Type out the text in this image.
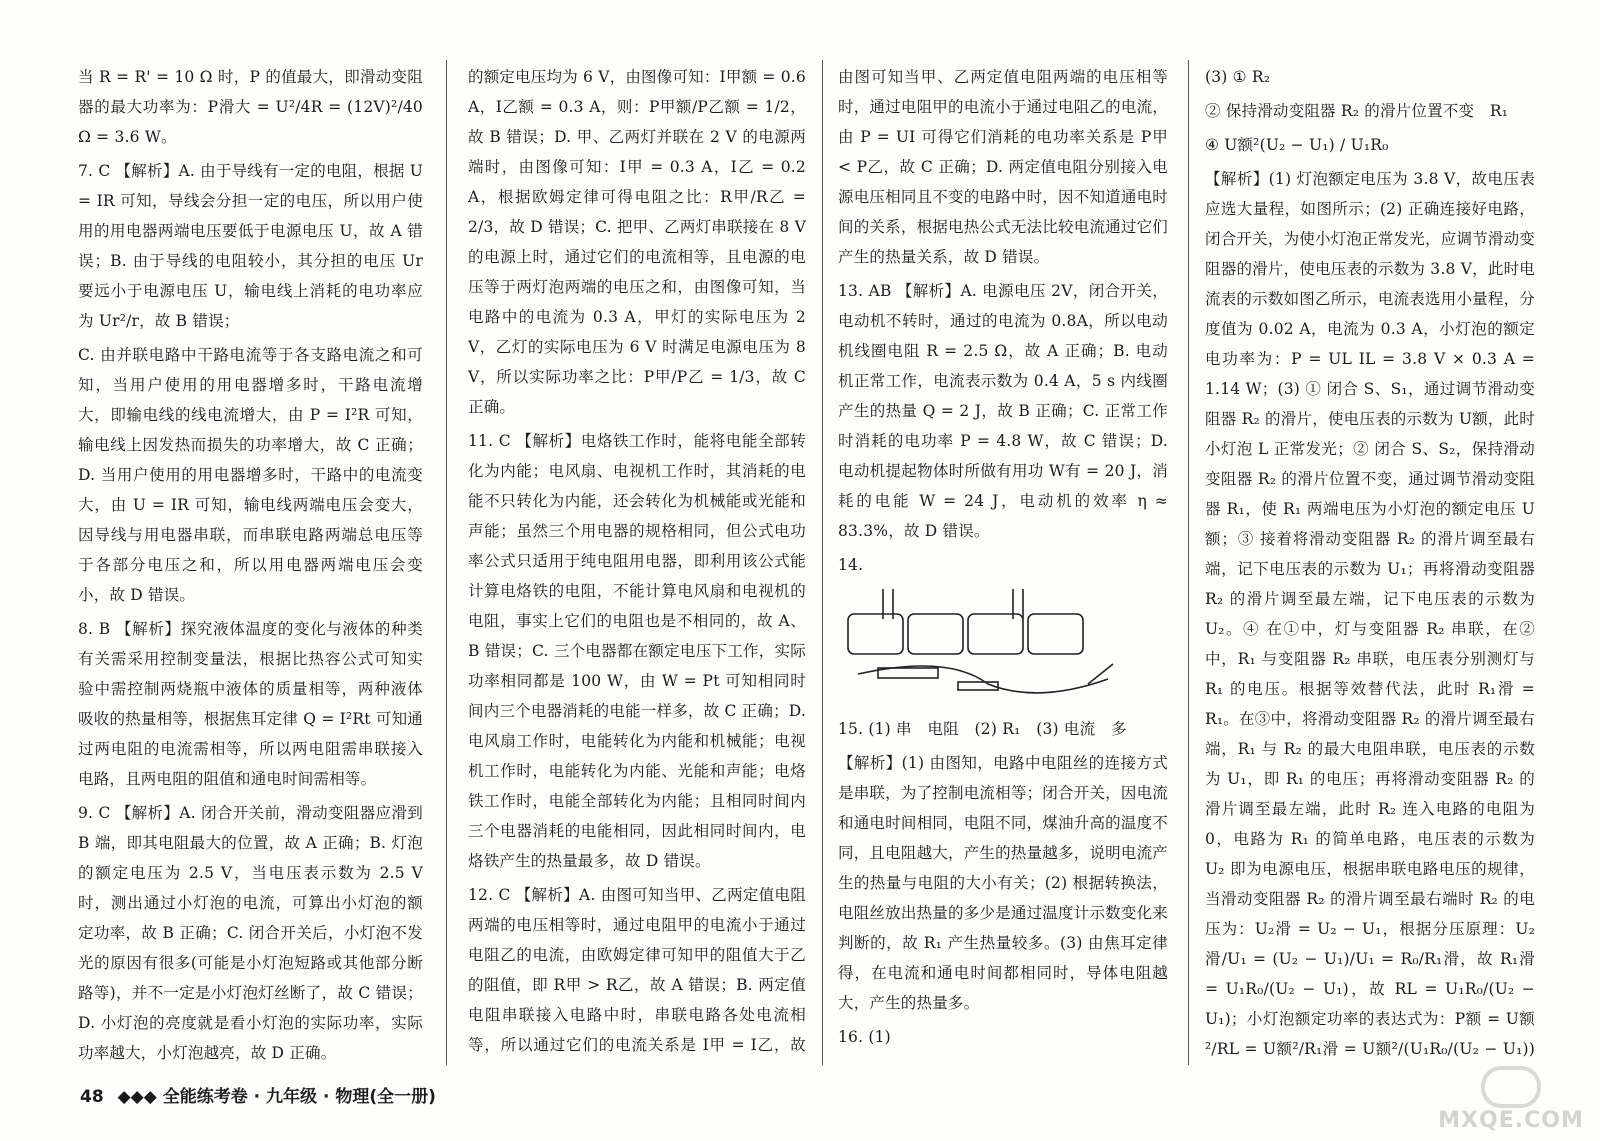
当 R = R' = 10 Ω 时，P 的值最大，即滑动变阻器的最大功率为：P滑大 = U²/4R = (12V)²/40 Ω = 3.6 W。

7. C 【解析】A. 由于导线有一定的电阻，根据 U = IR 可知，导线会分担一定的电压，所以用户使用的用电器两端电压要低于电源电压 U，故 A 错误；B. 由于导线的电阻较小，其分担的电压 Ur 要远小于电源电压 U，输电线上消耗的电功率应为 Ur²/r，故 B 错误；

C. 由并联电路中干路电流等于各支路电流之和可知，当用户使用的用电器增多时，干路电流增大，即输电线的线电流增大，由 P = I²R 可知，输电线上因发热而损失的功率增大，故 C 正确；D. 当用户使用的用电器增多时，干路中的电流变大，由 U = IR 可知，输电线两端电压会变大，因导线与用电器串联，而串联电路两端总电压等于各部分电压之和，所以用电器两端电压会变小，故 D 错误。

8. B 【解析】探究液体温度的变化与液体的种类有关需采用控制变量法，根据比热容公式可知实验中需控制两烧瓶中液体的质量相等，两种液体吸收的热量相等，根据焦耳定律 Q = I²Rt 可知通过两电阻的电流需相等，所以两电阻需串联接入电路，且两电阻的阻值和通电时间需相等。

9. C 【解析】A. 闭合开关前，滑动变阻器应滑到 B 端，即其电阻最大的位置，故 A 正确；B. 灯泡的额定电压为 2.5 V，当电压表示数为 2.5 V 时，测出通过小灯泡的电流，可算出小灯泡的额定功率，故 B 正确；C. 闭合开关后，小灯泡不发光的原因有很多(可能是小灯泡短路或其他部分断路等)，并不一定是小灯泡灯丝断了，故 C 错误；D. 小灯泡的亮度就是看小灯泡的实际功率，实际功率越大，小灯泡越亮，故 D 正确。

的额定电压均为 6 V，由图像可知：I甲额 = 0.6 A，I乙额 = 0.3 A，则：P甲额/P乙额 = 1/2，故 B 错误；D. 甲、乙两灯并联在 2 V 的电源两端时，由图像可知：I甲 = 0.3 A，I乙 = 0.2 A，根据欧姆定律可得电阻之比：R甲/R乙 = 2/3，故 D 错误；C. 把甲、乙两灯串联接在 8 V 的电源上时，通过它们的电流相等，且电源的电压等于两灯泡两端的电压之和，由图像可知，当电路中的电流为 0.3 A，甲灯的实际电压为 2 V，乙灯的实际电压为 6 V 时满足电源电压为 8 V，所以实际功率之比：P甲/P乙 = 1/3，故 C 正确。

11. C 【解析】电烙铁工作时，能将电能全部转化为内能；电风扇、电视机工作时，其消耗的电能不只转化为内能，还会转化为机械能或光能和声能；虽然三个用电器的规格相同，但公式电功率公式只适用于纯电阻用电器，即利用该公式能计算电烙铁的电阻，不能计算电风扇和电视机的电阻，事实上它们的电阻也是不相同的，故 A、B 错误；C. 三个电器都在额定电压下工作，实际功率相同都是 100 W，由 W = Pt 可知相同时间内三个电器消耗的电能一样多，故 C 正确；D. 电风扇工作时，电能转化为内能和机械能；电视机工作时，电能转化为内能、光能和声能；电烙铁工作时，电能全部转化为内能；且相同时间内三个电器消耗的电能相同，因此相同时间内，电烙铁产生的热量最多，故 D 错误。

12. C 【解析】A. 由图可知当甲、乙两定值电阻两端的电压相等时，通过电阻甲的电流小于通过电阻乙的电流，由欧姆定律可知甲的阻值大于乙的阻值，即 R甲 > R乙，故 A 错误；B. 两定值电阻串联接入电路中时，串联电路各处电流相等，所以通过它们的电流关系是 I甲 = I乙，故

由图可知当甲、乙两定值电阻两端的电压相等时，通过电阻甲的电流小于通过电阻乙的电流，由 P = UI 可得它们消耗的电功率关系是 P甲 < P乙，故 C 正确；D. 两定值电阻分别接入电源电压相同且不变的电路中时，因不知道通电时间的关系，根据电热公式无法比较电流通过它们产生的热量关系，故 D 错误。

13. AB 【解析】A. 电源电压 2V，闭合开关，电动机不转时，通过的电流为 0.8A，所以电动机线圈电阻 R = 2.5 Ω，故 A 正确；B. 电动机正常工作，电流表示数为 0.4 A，5 s 内线圈产生的热量 Q = 2 J，故 B 正确；C. 正常工作时消耗的电功率 P = 4.8 W，故 C 错误；D. 电动机提起物体时所做有用功 W有 = 20 J，消耗的电能 W = 24 J，电动机的效率 η ≈ 83.3%，故 D 错误。

14.

15. (1) 串　电阻　(2) R₁　(3) 电流　多

【解析】(1) 由图知，电路中电阻丝的连接方式是串联，为了控制电流相等；闭合开关，因电流和通电时间相同，电阻不同，煤油升高的温度不同，且电阻越大，产生的热量越多，说明电流产生的热量与电阻的大小有关；(2) 根据转换法，电阻丝放出热量的多少是通过温度计示数变化来判断的，故 R₁ 产生热量较多。(3) 由焦耳定律得，在电流和通电时间都相同时，导体电阻越大，产生的热量多。

16. (1)

(3) ① R₂

② 保持滑动变阻器 R₂ 的滑片位置不变　R₁

④ U额²(U₂ − U₁) / U₁R₀

【解析】(1) 灯泡额定电压为 3.8 V，故电压表应选大量程，如图所示；(2) 正确连接好电路，闭合开关，为使小灯泡正常发光，应调节滑动变阻器的滑片，使电压表的示数为 3.8 V，此时电流表的示数如图乙所示，电流表选用小量程，分度值为 0.02 A，电流为 0.3 A，小灯泡的额定电功率为：P = UL IL = 3.8 V × 0.3 A = 1.14 W；(3) ① 闭合 S、S₁，通过调节滑动变阻器 R₂ 的滑片，使电压表的示数为 U额，此时小灯泡 L 正常发光；② 闭合 S、S₂，保持滑动变阻器 R₂ 的滑片位置不变，通过调节滑动变阻器 R₁，使 R₁ 两端电压为小灯泡的额定电压 U额；③ 接着将滑动变阻器 R₂ 的滑片调至最右端，记下电压表的示数为 U₁；再将滑动变阻器 R₂ 的滑片调至最左端，记下电压表的示数为 U₂。④ 在①中，灯与变阻器 R₂ 串联，在②中，R₁ 与变阻器 R₂ 串联，电压表分别测灯与 R₁ 的电压。根据等效替代法，此时 R₁滑 = R₁。在③中，将滑动变阻器 R₂ 的滑片调至最右端，R₁ 与 R₂ 的最大电阻串联，电压表的示数为 U₁，即 R₁ 的电压；再将滑动变阻器 R₂ 的滑片调至最左端，此时 R₂ 连入电路的电阻为 0，电路为 R₁ 的简单电路，电压表的示数为 U₂ 即为电源电压，根据串联电路电压的规律，当滑动变阻器 R₂ 的滑片调至最右端时 R₂ 的电压为：U₂滑 = U₂ − U₁，根据分压原理：U₂滑/U₁ = (U₂ − U₁)/U₁ = R₀/R₁滑，故 R₁滑 = U₁R₀/(U₂ − U₁)，故 RL = U₁R₀/(U₂ − U₁)；小灯泡额定功率的表达式为：P额 = U额²/RL = U额²/R₁滑 = U额²/(U₁R₀/(U₂ − U₁))

48 ◆◆◆ 全能练考卷 · 九年级 · 物理(全一册)
MXQE.COM
